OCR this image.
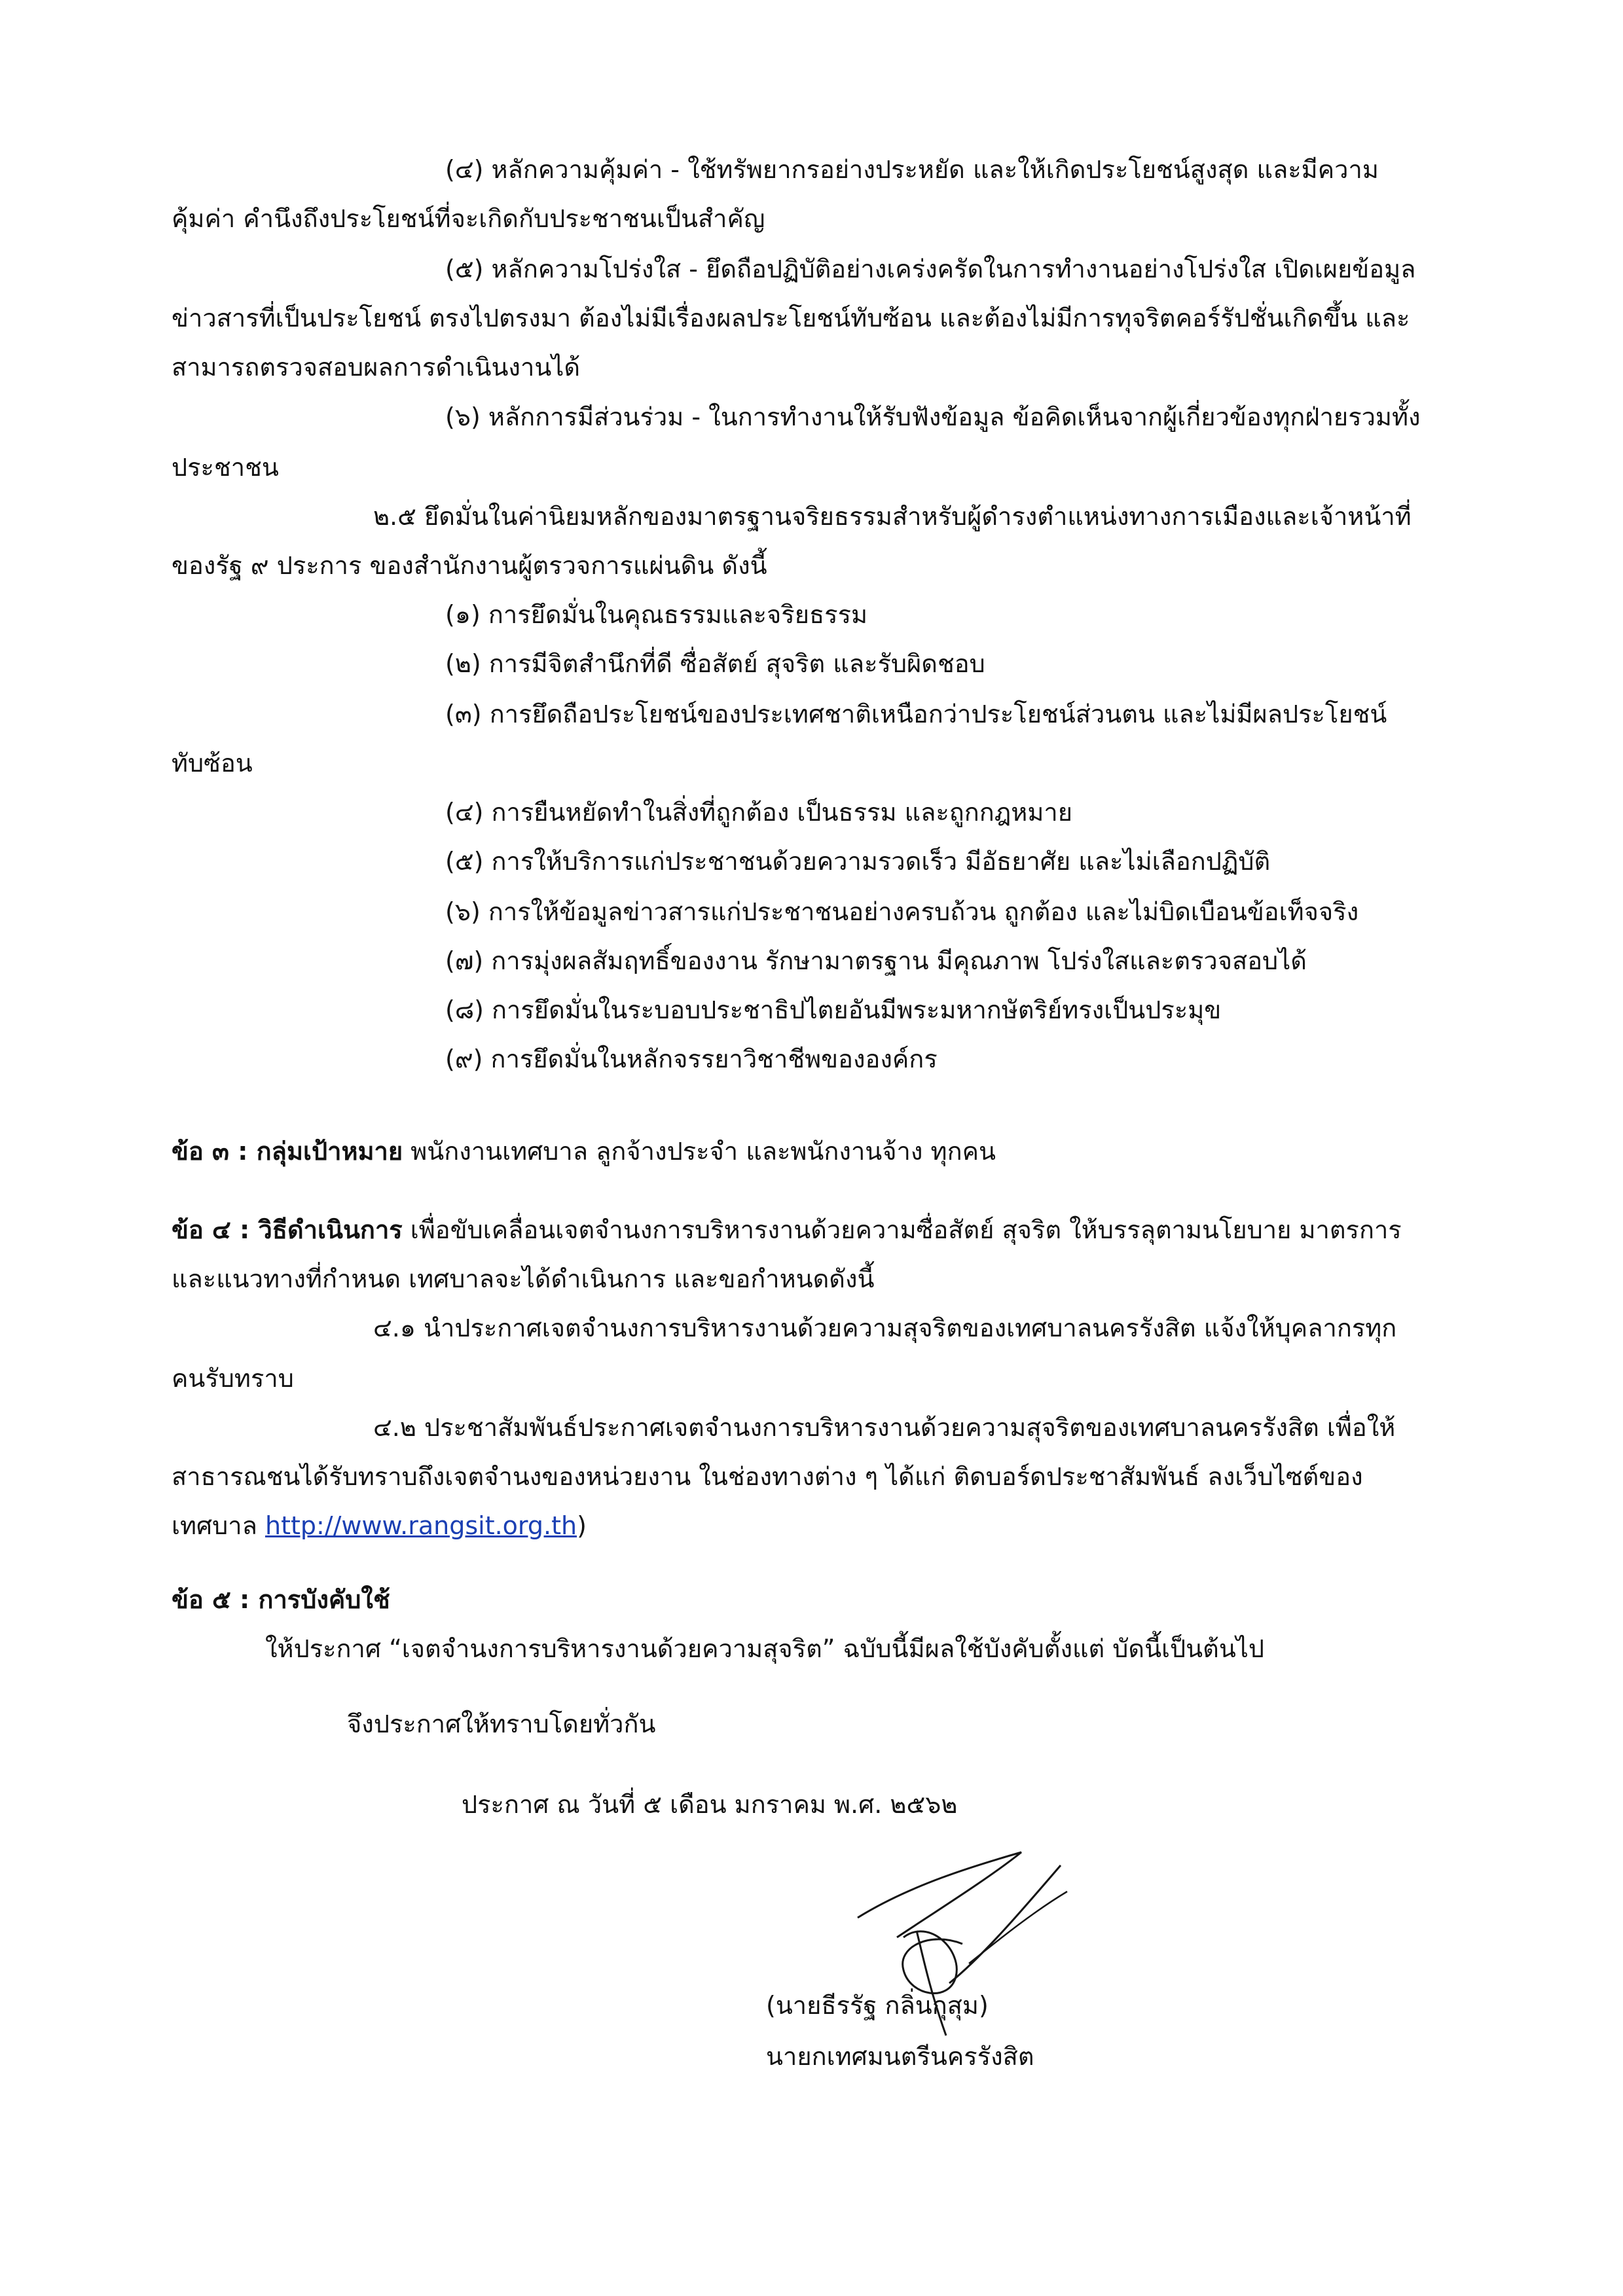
(๔) หลักความคุ้มค่า - ใช้ทรัพยากรอย่างประหยัด และให้เกิดประโยชน์สูงสุด และมีความ
คุ้มค่า คำนึงถึงประโยชน์ที่จะเกิดกับประชาชนเป็นสำคัญ
(๕) หลักความโปร่งใส - ยึดถือปฏิบัติอย่างเคร่งครัดในการทำงานอย่างโปร่งใส เปิดเผยข้อมูล
ข่าวสารที่เป็นประโยชน์ ตรงไปตรงมา ต้องไม่มีเรื่องผลประโยชน์ทับซ้อน และต้องไม่มีการทุจริตคอร์รัปชั่นเกิดขึ้น และ
สามารถตรวจสอบผลการดำเนินงานได้
(๖) หลักการมีส่วนร่วม - ในการทำงานให้รับฟังข้อมูล ข้อคิดเห็นจากผู้เกี่ยวข้องทุกฝ่ายรวมทั้ง
ประชาชน
๒.๕ ยึดมั่นในค่านิยมหลักของมาตรฐานจริยธรรมสำหรับผู้ดำรงตำแหน่งทางการเมืองและเจ้าหน้าที่
ของรัฐ ๙ ประการ ของสำนักงานผู้ตรวจการแผ่นดิน ดังนี้
(๑) การยึดมั่นในคุณธรรมและจริยธรรม
(๒) การมีจิตสำนึกที่ดี ซื่อสัตย์ สุจริต และรับผิดชอบ
(๓) การยึดถือประโยชน์ของประเทศชาติเหนือกว่าประโยชน์ส่วนตน และไม่มีผลประโยชน์
ทับซ้อน
(๔) การยืนหยัดทำในสิ่งที่ถูกต้อง เป็นธรรม และถูกกฎหมาย
(๕) การให้บริการแก่ประชาชนด้วยความรวดเร็ว มีอัธยาศัย และไม่เลือกปฏิบัติ
(๖) การให้ข้อมูลข่าวสารแก่ประชาชนอย่างครบถ้วน ถูกต้อง และไม่บิดเบือนข้อเท็จจริง
(๗) การมุ่งผลสัมฤทธิ์ของงาน รักษามาตรฐาน มีคุณภาพ โปร่งใสและตรวจสอบได้
(๘) การยึดมั่นในระบอบประชาธิปไตยอันมีพระมหากษัตริย์ทรงเป็นประมุข
(๙) การยึดมั่นในหลักจรรยาวิชาชีพขององค์กร
ข้อ ๓ : กลุ่มเป้าหมาย พนักงานเทศบาล ลูกจ้างประจำ และพนักงานจ้าง ทุกคน
ข้อ ๔ : วิธีดำเนินการ เพื่อขับเคลื่อนเจตจำนงการบริหารงานด้วยความซื่อสัตย์ สุจริต ให้บรรลุตามนโยบาย มาตรการ
และแนวทางที่กำหนด เทศบาลจะได้ดำเนินการ และขอกำหนดดังนี้
๔.๑ นำประกาศเจตจำนงการบริหารงานด้วยความสุจริตของเทศบาลนครรังสิต แจ้งให้บุคลากรทุก
คนรับทราบ
๔.๒ ประชาสัมพันธ์ประกาศเจตจำนงการบริหารงานด้วยความสุจริตของเทศบาลนครรังสิต เพื่อให้
สาธารณชนได้รับทราบถึงเจตจำนงของหน่วยงาน ในช่องทางต่าง ๆ ได้แก่ ติดบอร์ดประชาสัมพันธ์ ลงเว็บไซต์ของ
เทศบาล http://www.rangsit.org.th)
ข้อ ๕ : การบังคับใช้
ให้ประกาศ “เจตจำนงการบริหารงานด้วยความสุจริต” ฉบับนี้มีผลใช้บังคับตั้งแต่ บัดนี้เป็นต้นไป
จึงประกาศให้ทราบโดยทั่วกัน
ประกาศ ณ วันที่ ๕ เดือน มกราคม พ.ศ. ๒๕๖๒
(นายธีรรัฐ กลิ่นกุสุม)
นายกเทศมนตรีนครรังสิต
